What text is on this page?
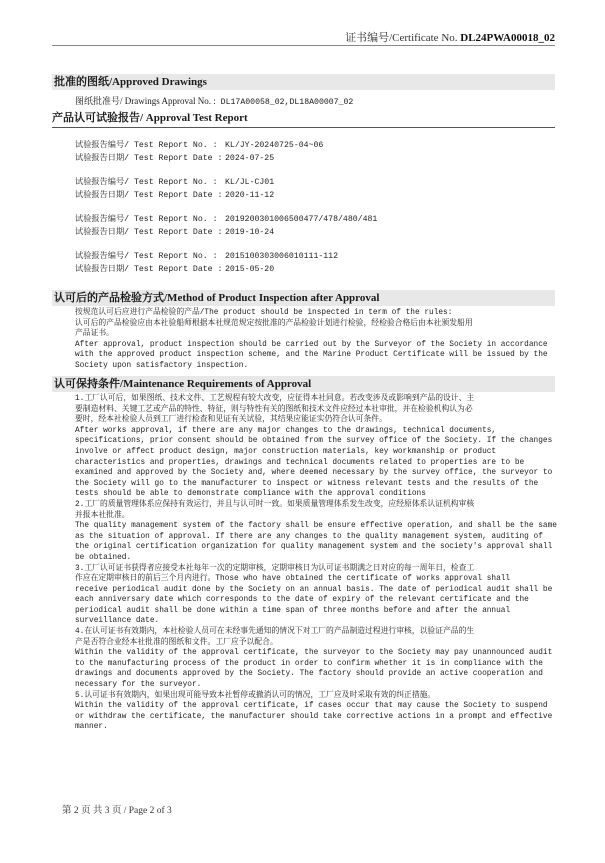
证书编号/Certificate No. DL24PWA00018_02
批准的图纸/Approved Drawings
图纸批准号/ Drawings Approval No. : DL17A00058_02,DL18A00007_02
产品认可试验报告/ Approval Test Report
试验报告编号/ Test Report No. : KL/JY-20240725-04~06
试验报告日期/ Test Report Date : 2024-07-25
试验报告编号/ Test Report No. : KL/JL-CJ01
试验报告日期/ Test Report Date : 2020-11-12
试验报告编号/ Test Report No. : 2019200301006500477/478/480/481
试验报告日期/ Test Report Date : 2019-10-24
试验报告编号/ Test Report No. : 2015100303006010111-112
试验报告日期/ Test Report Date : 2015-05-20
认可后的产品检验方式/Method of Product Inspection after Approval
按规范认可后应进行产品检验的产品/The product should be inspected in term of the rules:
认可后的产品检验应由本社验船师根据本社规范规定按批准的产品检验计划进行检验，经检验合格后由本社颁发船用
产品证书。
After approval, product inspection should be carried out by the Surveyor of the Society in accordance
with the approved product inspection scheme, and the Marine Product Certificate will be issued by the
Society upon satisfactory inspection.
认可保持条件/Maintenance Requirements of Approval
1.工厂认可后，如果图纸、技术文件、工艺规程有较大改变，应征得本社同意。若改变涉及或影响到产品的设计、主
要制造材料、关键工艺或产品的特性、特征，则与特性有关的图纸和技术文件应经过本社审批，并在检验机构认为必
要时，经本社检验人员到工厂进行检查和见证有关试验，其结果应能证实仍符合认可条件。
After works approval, if there are any major changes to the drawings, technical documents,
specifications, prior consent should be obtained from the survey office of the Society. If the changes
involve or affect product design, major construction materials, key workmanship or product
characteristics and properties, drawings and technical documents related to properties are to be
examined and approved by the Society and, where deemed necessary by the survey office, the surveyor to
the Society will go to the manufacturer to inspect or witness relevant tests and the results of the
tests should be able to demonstrate compliance with the approval conditions
2.工厂的质量管理体系应保持有效运行，并且与认可时一致。如果质量管理体系发生改变，应经原体系认证机构审核
并报本社批准。
The quality management system of the factory shall be ensure effective operation, and shall be the same
as the situation of approval. If there are any changes to the quality management system, auditing of
the original certification organization for quality management system and the society's approval shall
be obtained.
3.工厂认可证书获得者应接受本社每年一次的定期审核，定期审核日为认可证书期满之日对应的每一周年日，检查工
作应在定期审核日的前后三个月内进行。Those who have obtained the certificate of works approval shall
receive periodical audit done by the Society on an annual basis. The date of periodical audit shall be
each anniversary date which corresponds to the date of expiry of the relevant certificate and the
periodical audit shall be done within a time span of three months before and after the annual
surveillance date.
4.在认可证书有效期内，本社检验人员可在未经事先通知的情况下对工厂的产品制造过程进行审核，以验证产品的生
产是否符合业经本社批准的图纸和文件。工厂应予以配合。
Within the validity of the approval certificate, the surveyor to the Society may pay unannounced audit
to the manufacturing process of the product in order to confirm whether it is in compliance with the
drawings and documents approved by the Society. The factory should provide an active cooperation and
necessary for the surveyor.
5.认可证书有效期内，如果出现可能导致本社暂停或撤消认可的情况，工厂应及时采取有效的纠正措施。
Within the validity of the approval certificate, if cases occur that may cause the Society to suspend
or withdraw the certificate, the manufacturer should take corrective actions in a prompt and effective
manner.
第 2 页 共 3 页 / Page 2 of 3
